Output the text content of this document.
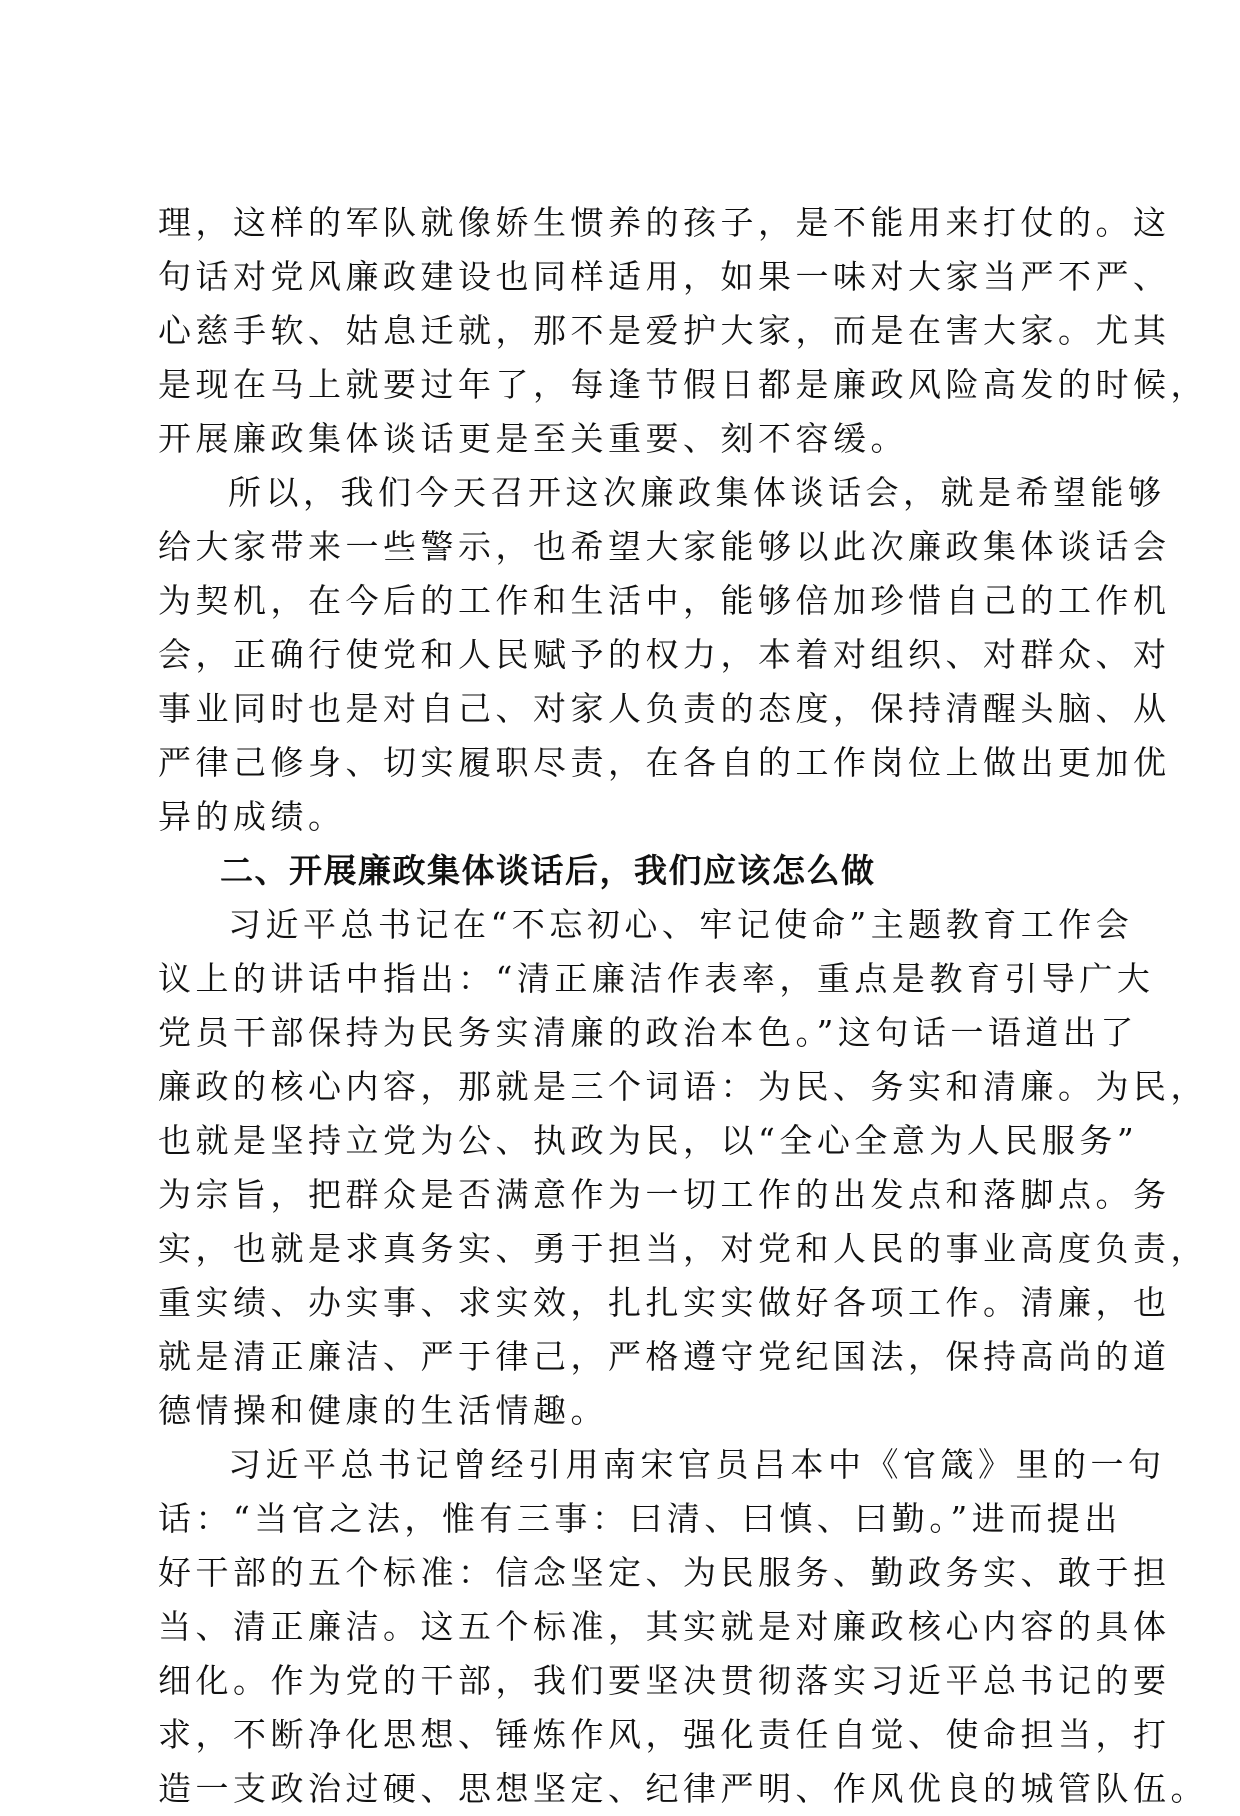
理，这样的军队就像娇生惯养的孩子，是不能用来打仗的。这
句话对党风廉政建设也同样适用，如果一味对大家当严不严、
心慈手软、姑息迁就，那不是爱护大家，而是在害大家。尤其
是现在马上就要过年了，每逢节假日都是廉政风险高发的时候，
开展廉政集体谈话更是至关重要、刻不容缓。
所以，我们今天召开这次廉政集体谈话会，就是希望能够
给大家带来一些警示，也希望大家能够以此次廉政集体谈话会
为契机，在今后的工作和生活中，能够倍加珍惜自己的工作机
会，正确行使党和人民赋予的权力，本着对组织、对群众、对
事业同时也是对自己、对家人负责的态度，保持清醒头脑、从
严律己修身、切实履职尽责，在各自的工作岗位上做出更加优
异的成绩。
二、开展廉政集体谈话后，我们应该怎么做
习近平总书记在“不忘初心、牢记使命”主题教育工作会
议上的讲话中指出：“清正廉洁作表率，重点是教育引导广大
党员干部保持为民务实清廉的政治本色。”这句话一语道出了
廉政的核心内容，那就是三个词语：为民、务实和清廉。为民，
也就是坚持立党为公、执政为民，以“全心全意为人民服务”
为宗旨，把群众是否满意作为一切工作的出发点和落脚点。务
实，也就是求真务实、勇于担当，对党和人民的事业高度负责，
重实绩、办实事、求实效，扎扎实实做好各项工作。清廉，也
就是清正廉洁、严于律己，严格遵守党纪国法，保持高尚的道
德情操和健康的生活情趣。
习近平总书记曾经引用南宋官员吕本中《官箴》里的一句
话：“当官之法，惟有三事：曰清、曰慎、曰勤。”进而提出
好干部的五个标准：信念坚定、为民服务、勤政务实、敢于担
当、清正廉洁。这五个标准，其实就是对廉政核心内容的具体
细化。作为党的干部，我们要坚决贯彻落实习近平总书记的要
求，不断净化思想、锤炼作风，强化责任自觉、使命担当，打
造一支政治过硬、思想坚定、纪律严明、作风优良的城管队伍。
